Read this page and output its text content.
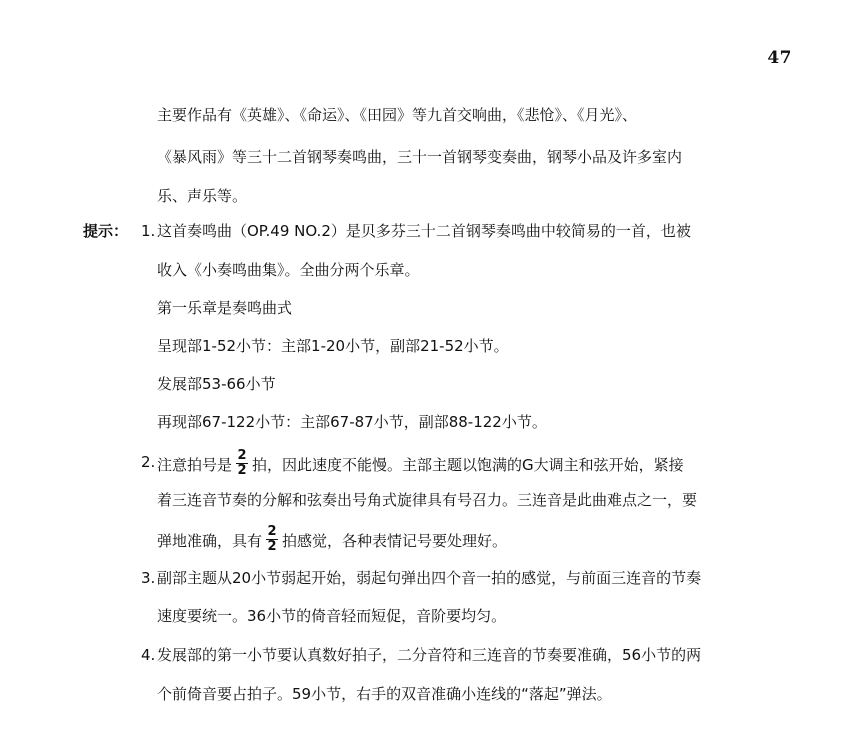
47
主要作品有《英雄》、《命运》、《田园》等九首交响曲，《悲怆》、《月光》、
《暴风雨》等三十二首钢琴奏鸣曲，三十一首钢琴变奏曲，钢琴小品及许多室内
乐、声乐等。
提示： 1. 这首奏鸣曲（OP.49 NO.2）是贝多芬三十二首钢琴奏鸣曲中较简易的一首，也被
收入《小奏鸣曲集》。全曲分两个乐章。
第一乐章是奏鸣曲式
呈现部1-52小节：主部1-20小节，副部21-52小节。
发展部53-66小节
再现部67-122小节：主部67-87小节，副部88-122小节。
2. 注意拍号是 $\frac{2}{2}$ 拍，因此速度不能慢。主部主题以饱满的G大调主和弦开始，紧接
着三连音节奏的分解和弦奏出号角式旋律具有号召力。三连音是此曲难点之一，要
弹地准确，具有 $\frac{2}{2}$ 拍感觉，各种表情记号要处理好。
3. 副部主题从20小节弱起开始，弱起句弹出四个音一拍的感觉，与前面三连音的节奏
速度要统一。36小节的倚音轻而短促，音阶要均匀。
4. 发展部的第一小节要认真数好拍子，二分音符和三连音的节奏要准确，56小节的两
个前倚音要占拍子。59小节，右手的双音准确小连线的“落起”弹法。
